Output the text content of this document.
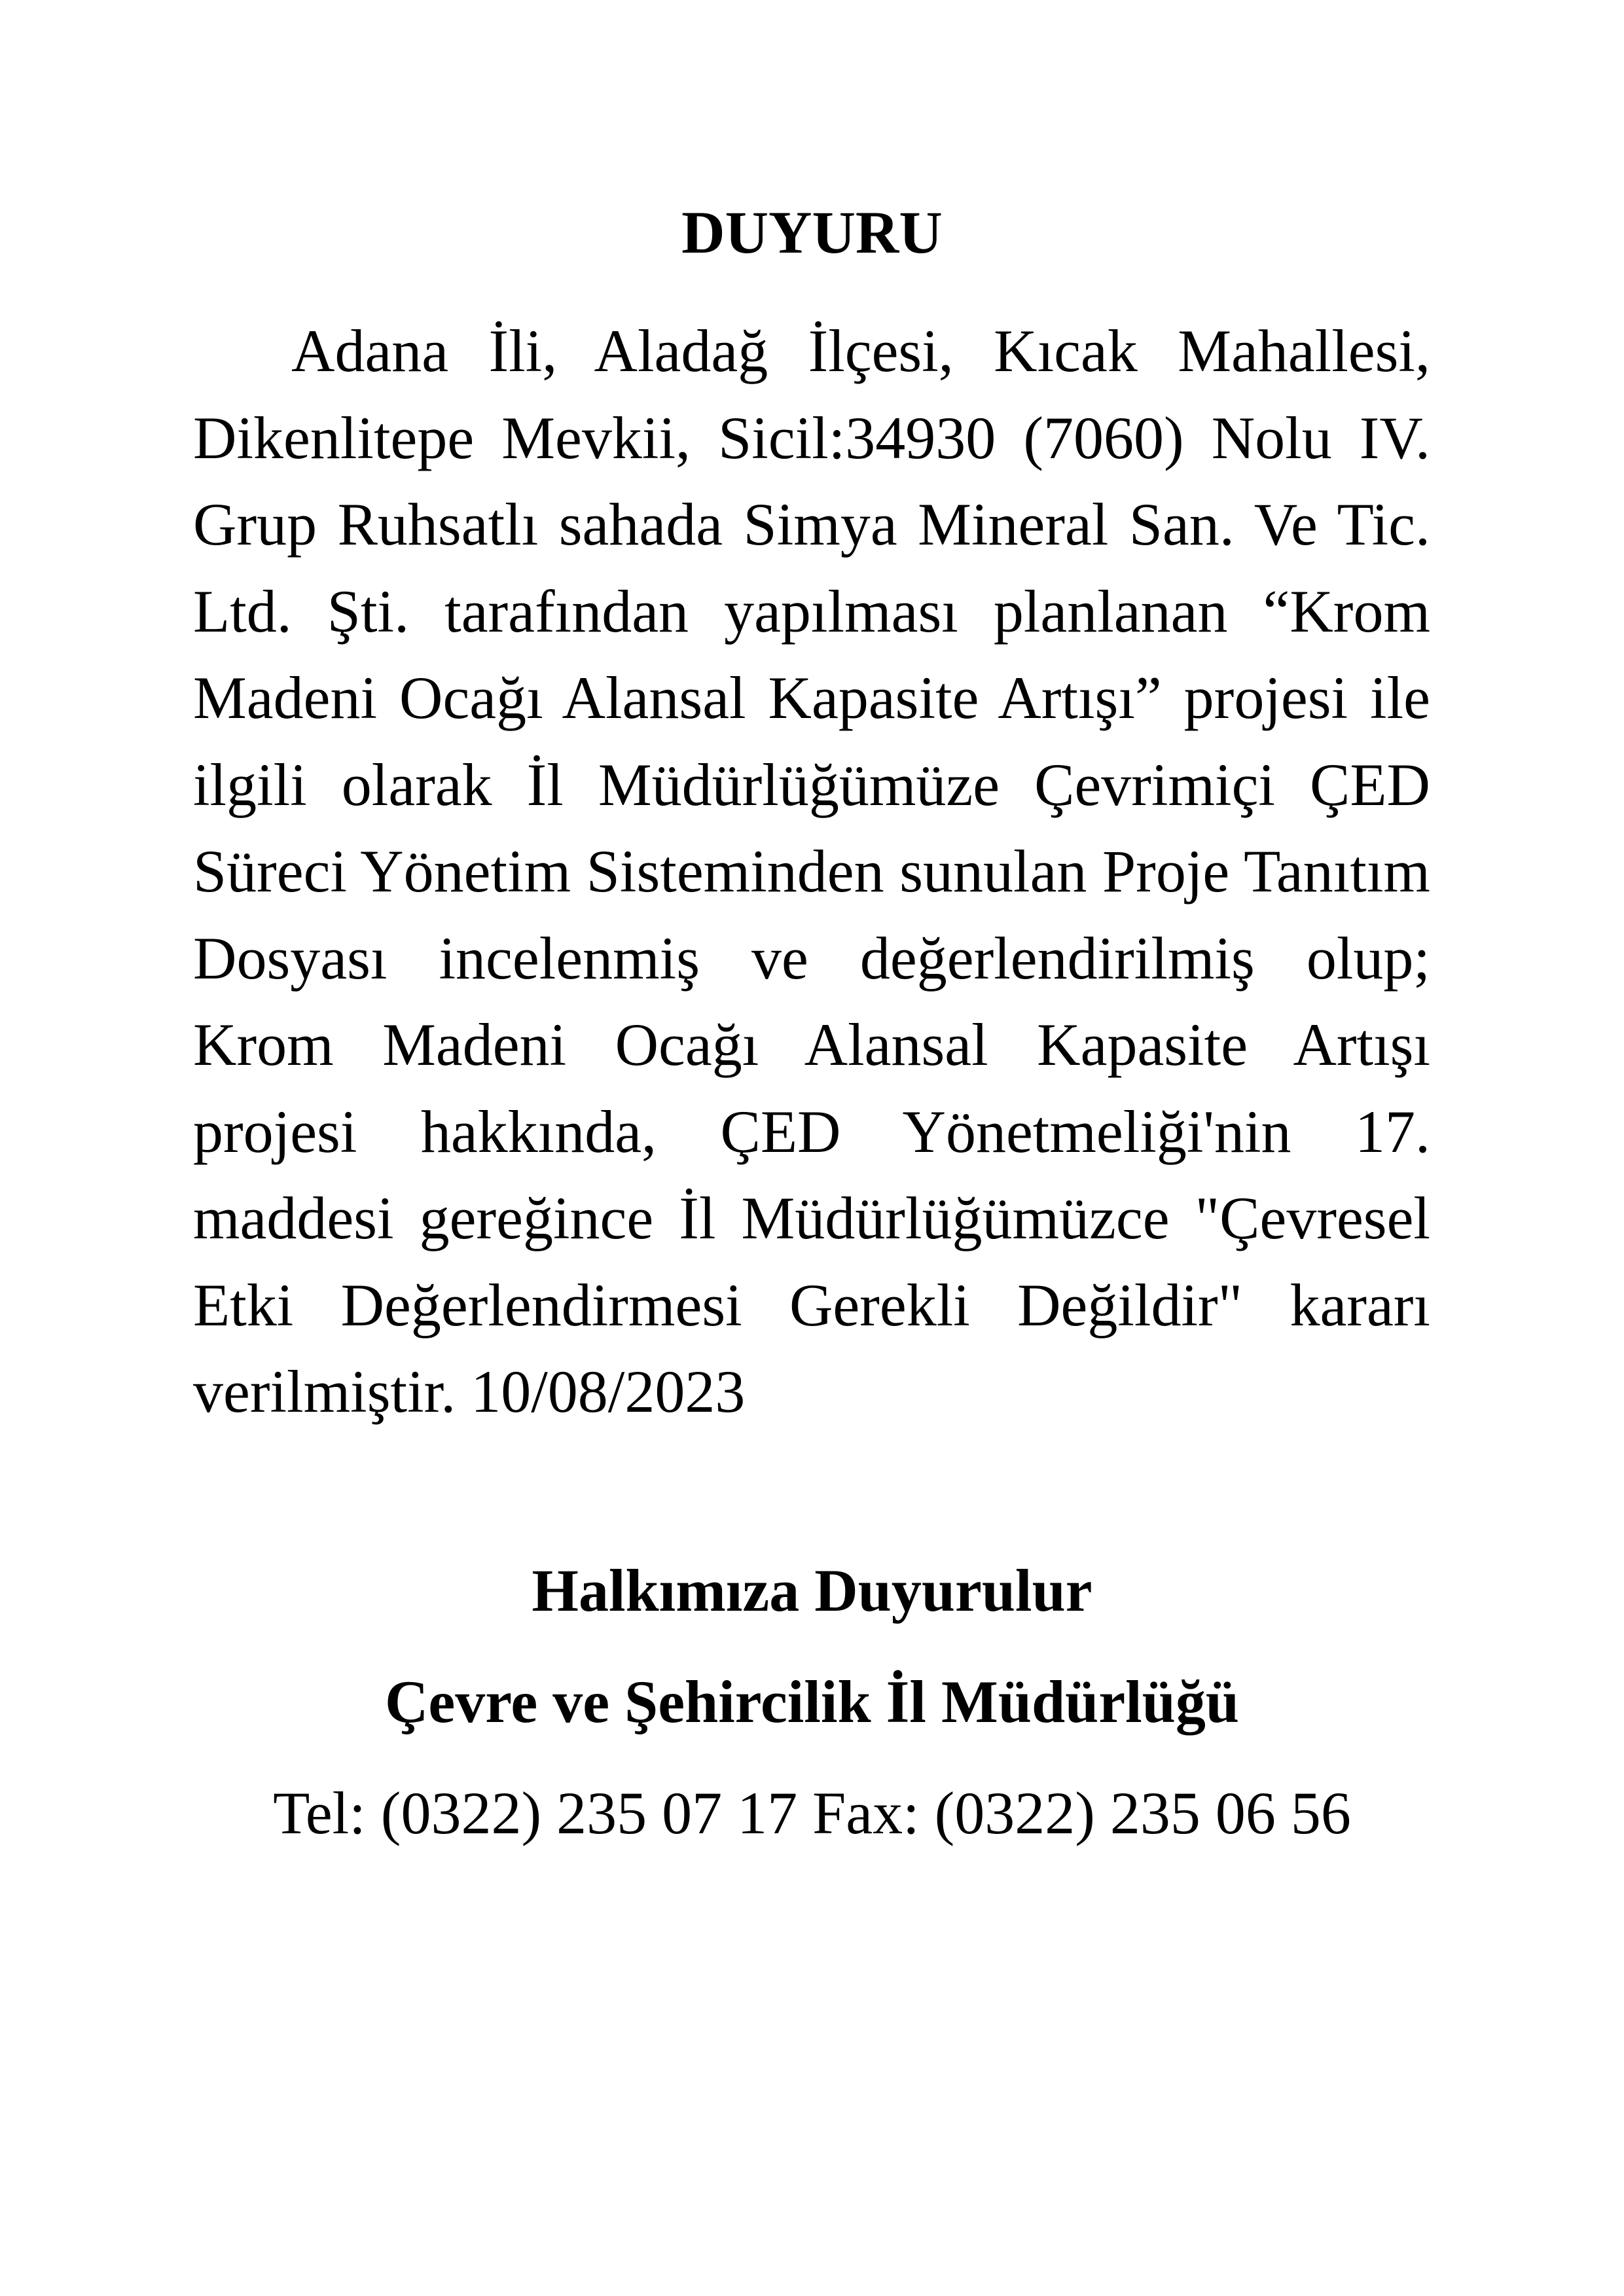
DUYURU

Adana İli, Aladağ İlçesi, Kıcak Mahallesi, Dikenlitepe Mevkii, Sicil:34930 (7060) Nolu IV. Grup Ruhsatlı sahada Simya Mineral San. Ve Tic. Ltd. Şti. tarafından yapılması planlanan “Krom Madeni Ocağı Alansal Kapasite Artışı” projesi ile ilgili olarak İl Müdürlüğümüze Çevrimiçi ÇED Süreci Yönetim Sisteminden sunulan Proje Tanıtım Dosyası incelenmiş ve değerlendirilmiş olup; Krom Madeni Ocağı Alansal Kapasite Artışı projesi hakkında, ÇED Yönetmeliği'nin 17. maddesi gereğince İl Müdürlüğümüzce "Çevresel Etki Değerlendirmesi Gerekli Değildir" kararı verilmiştir. 10/08/2023

Halkımıza Duyurulur

Çevre ve Şehircilik İl Müdürlüğü

Tel: (0322) 235 07 17 Fax: (0322) 235 06 56
